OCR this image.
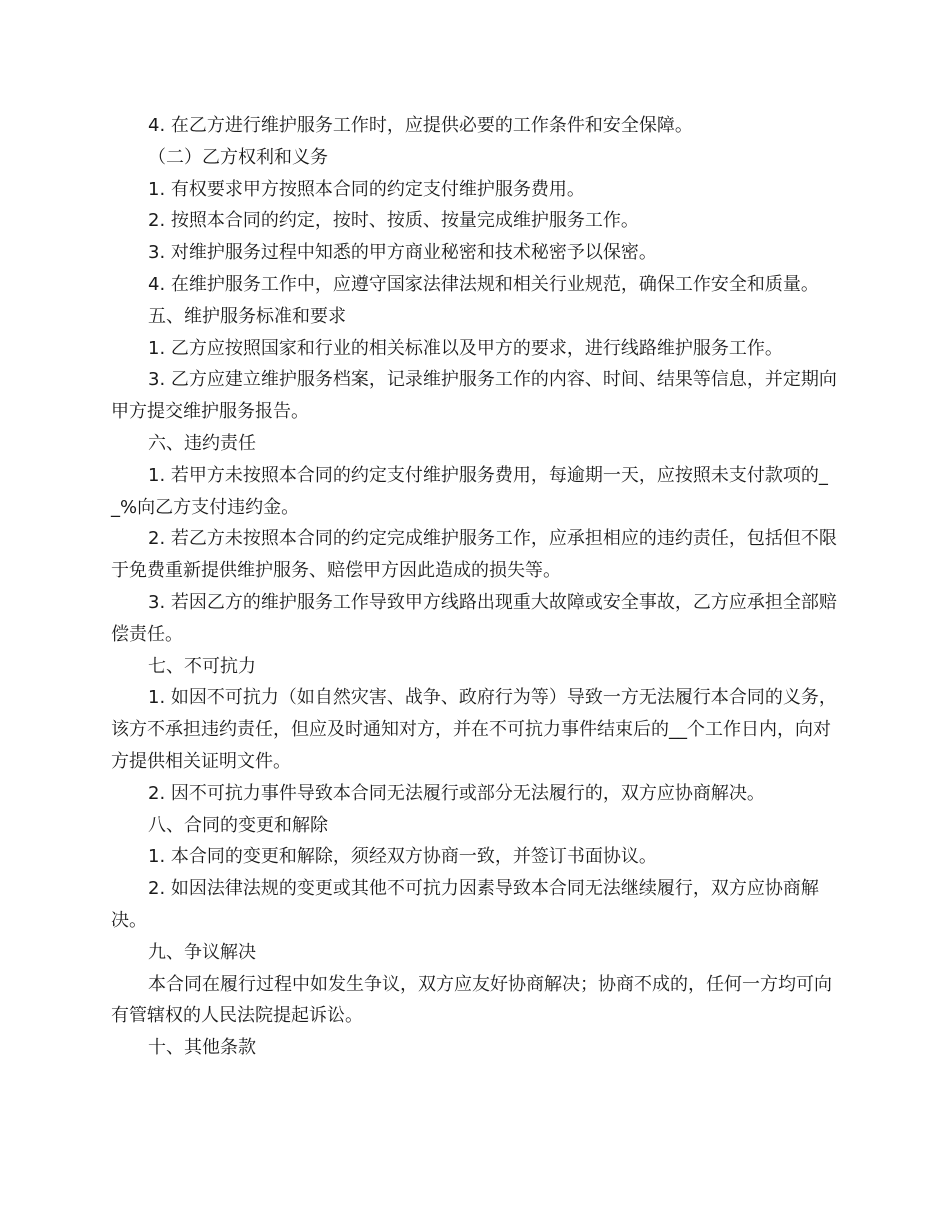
4. 在乙方进行维护服务工作时，应提供必要的工作条件和安全保障。

（二）乙方权利和义务

1. 有权要求甲方按照本合同的约定支付维护服务费用。

2. 按照本合同的约定，按时、按质、按量完成维护服务工作。

3. 对维护服务过程中知悉的甲方商业秘密和技术秘密予以保密。

4. 在维护服务工作中，应遵守国家法律法规和相关行业规范，确保工作安全和质量。

五、维护服务标准和要求

1. 乙方应按照国家和行业的相关标准以及甲方的要求，进行线路维护服务工作。

3. 乙方应建立维护服务档案，记录维护服务工作的内容、时间、结果等信息，并定期向甲方提交维护服务报告。

六、违约责任

1. 若甲方未按照本合同的约定支付维护服务费用，每逾期一天，应按照未支付款项的__%向乙方支付违约金。

2. 若乙方未按照本合同的约定完成维护服务工作，应承担相应的违约责任，包括但不限于免费重新提供维护服务、赔偿甲方因此造成的损失等。

3. 若因乙方的维护服务工作导致甲方线路出现重大故障或安全事故，乙方应承担全部赔偿责任。

七、不可抗力

1. 如因不可抗力（如自然灾害、战争、政府行为等）导致一方无法履行本合同的义务，该方不承担违约责任，但应及时通知对方，并在不可抗力事件结束后的__个工作日内，向对方提供相关证明文件。

2. 因不可抗力事件导致本合同无法履行或部分无法履行的，双方应协商解决。

八、合同的变更和解除

1. 本合同的变更和解除，须经双方协商一致，并签订书面协议。

2. 如因法律法规的变更或其他不可抗力因素导致本合同无法继续履行，双方应协商解决。

九、争议解决

本合同在履行过程中如发生争议，双方应友好协商解决；协商不成的，任何一方均可向有管辖权的人民法院提起诉讼。

十、其他条款
